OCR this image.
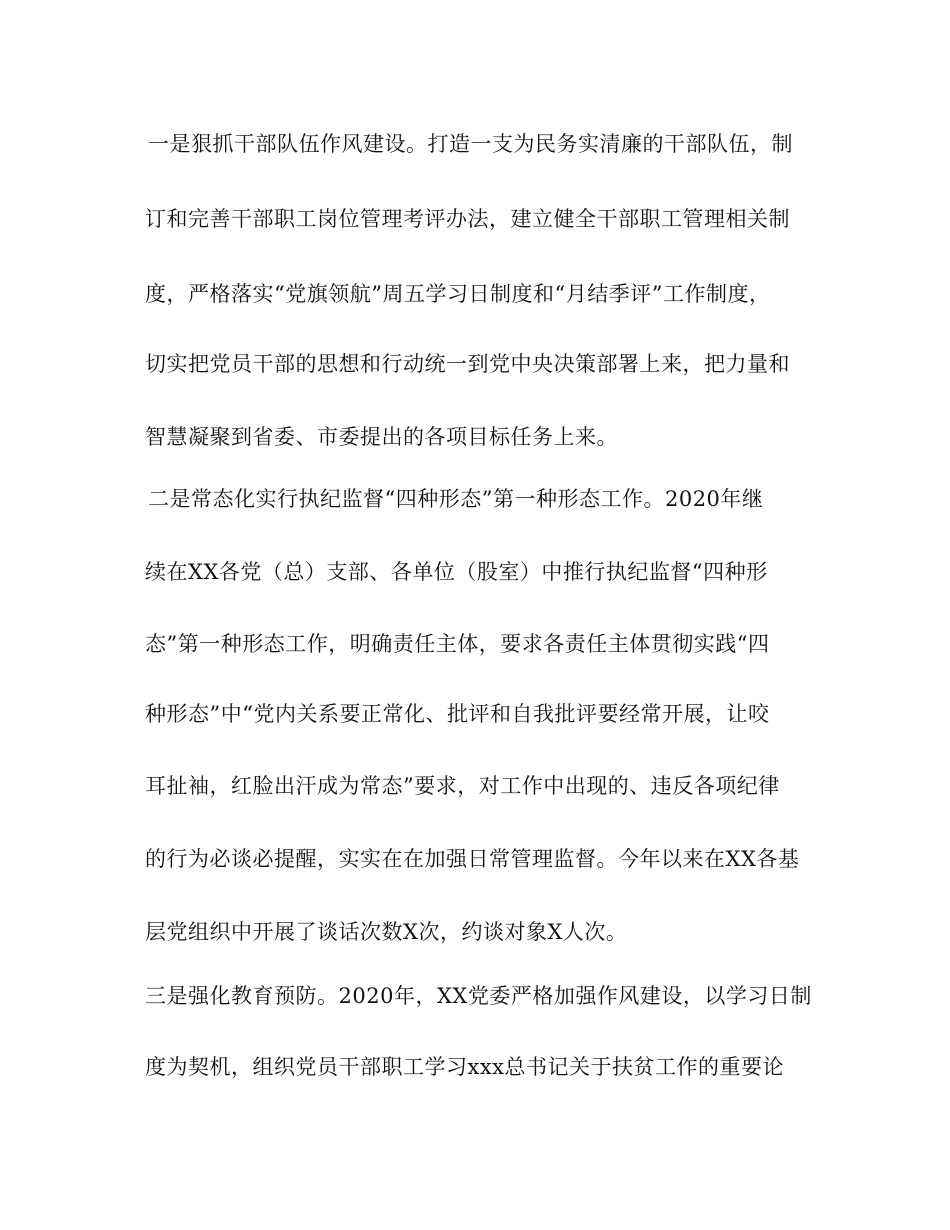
一是狠抓干部队伍作风建设。打造一支为民务实清廉的干部队伍，制
订和完善干部职工岗位管理考评办法，建立健全干部职工管理相关制
度，严格落实“党旗领航”周五学习日制度和“月结季评”工作制度，
切实把党员干部的思想和行动统一到党中央决策部署上来，把力量和
智慧凝聚到省委、市委提出的各项目标任务上来。
二是常态化实行执纪监督“四种形态”第一种形态工作。2020年继
续在XX各党（总）支部、各单位（股室）中推行执纪监督“四种形
态”第一种形态工作，明确责任主体，要求各责任主体贯彻实践“四
种形态”中“党内关系要正常化、批评和自我批评要经常开展，让咬
耳扯袖，红脸出汗成为常态”要求，对工作中出现的、违反各项纪律
的行为必谈必提醒，实实在在加强日常管理监督。今年以来在XX各基
层党组织中开展了谈话次数X次，约谈对象X人次。
三是强化教育预防。2020年，XX党委严格加强作风建设，以学习日制
度为契机，组织党员干部职工学习xxx总书记关于扶贫工作的重要论
